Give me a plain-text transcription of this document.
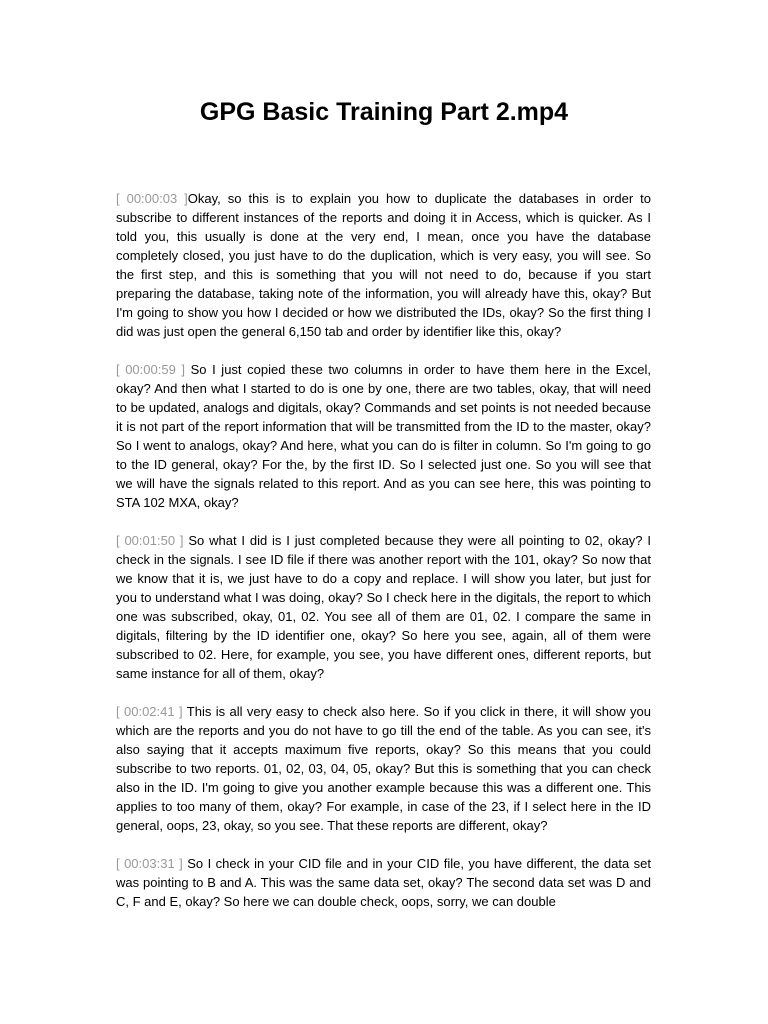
GPG Basic Training Part 2.mp4

[ 00:00:03 ]Okay, so this is to explain you how to duplicate the databases in order to subscribe to different instances of the reports and doing it in Access, which is quicker. As I told you, this usually is done at the very end, I mean, once you have the database completely closed, you just have to do the duplication, which is very easy, you will see. So the first step, and this is something that you will not need to do, because if you start preparing the database, taking note of the information, you will already have this, okay? But I'm going to show you how I decided or how we distributed the IDs, okay? So the first thing I did was just open the general 6,150 tab and order by identifier like this, okay?

[ 00:00:59 ] So I just copied these two columns in order to have them here in the Excel, okay? And then what I started to do is one by one, there are two tables, okay, that will need to be updated, analogs and digitals, okay? Commands and set points is not needed because it is not part of the report information that will be transmitted from the ID to the master, okay? So I went to analogs, okay? And here, what you can do is filter in column. So I'm going to go to the ID general, okay? For the, by the first ID. So I selected just one. So you will see that we will have the signals related to this report. And as you can see here, this was pointing to STA 102 MXA, okay?

[ 00:01:50 ] So what I did is I just completed because they were all pointing to 02, okay? I check in the signals. I see ID file if there was another report with the 101, okay? So now that we know that it is, we just have to do a copy and replace. I will show you later, but just for you to understand what I was doing, okay? So I check here in the digitals, the report to which one was subscribed, okay, 01, 02. You see all of them are 01, 02. I compare the same in digitals, filtering by the ID identifier one, okay? So here you see, again, all of them were subscribed to 02. Here, for example, you see, you have different ones, different reports, but same instance for all of them, okay?

[ 00:02:41 ] This is all very easy to check also here. So if you click in there, it will show you which are the reports and you do not have to go till the end of the table. As you can see, it's also saying that it accepts maximum five reports, okay? So this means that you could subscribe to two reports. 01, 02, 03, 04, 05, okay? But this is something that you can check also in the ID. I'm going to give you another example because this was a different one. This applies to too many of them, okay? For example, in case of the 23, if I select here in the ID general, oops, 23, okay, so you see. That these reports are different, okay?

[ 00:03:31 ] So I check in your CID file and in your CID file, you have different, the data set was pointing to B and A. This was the same data set, okay? The second data set was D and C, F and E, okay? So here we can double check, oops, sorry, we can double
